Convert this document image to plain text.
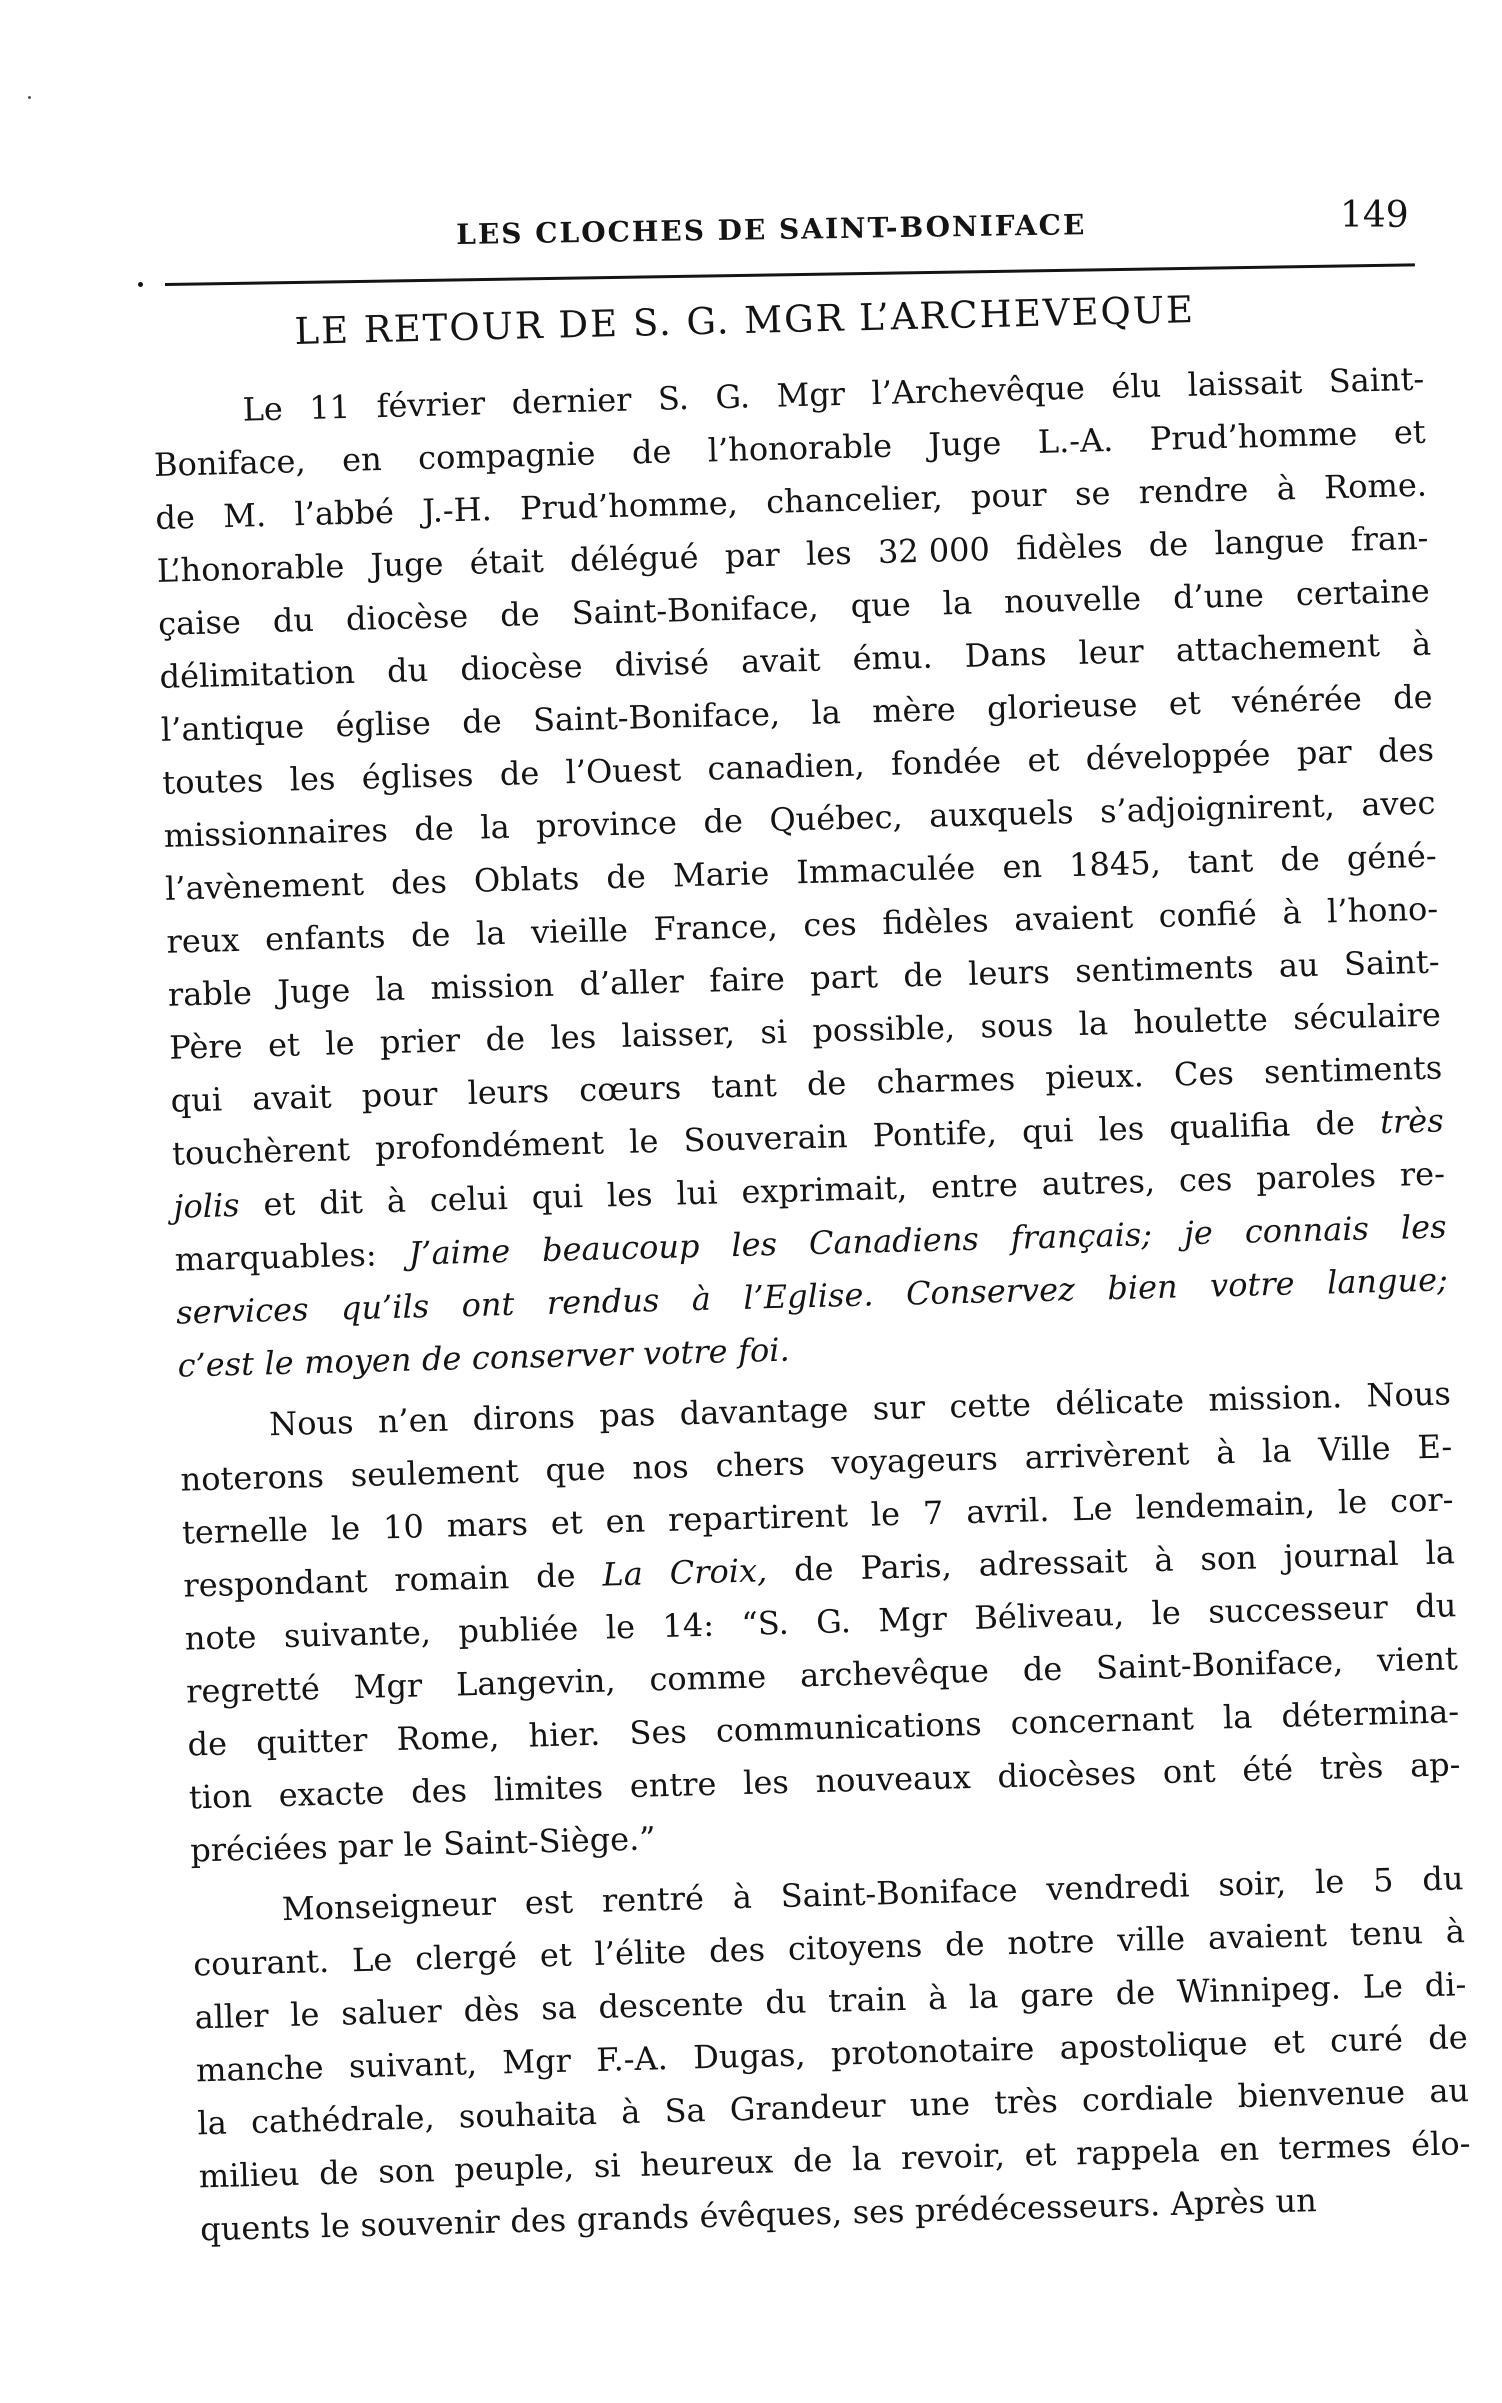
LES CLOCHES DE SAINT-BONIFACE	149
LE RETOUR DE S. G. MGR L’ARCHEVEQUE
Le 11 février dernier S. G. Mgr l’Archevêque élu laissait Saint-
Boniface, en compagnie de l’honorable Juge L.-A. Prud’homme et
de M. l’abbé J.-H. Prud’homme, chancelier, pour se rendre à Rome.
L’honorable Juge était délégué par les 32 000 fidèles de langue fran-
çaise du diocèse de Saint-Boniface, que la nouvelle d’une certaine
délimitation du diocèse divisé avait ému. Dans leur attachement à
l’antique église de Saint-Boniface, la mère glorieuse et vénérée de
toutes les églises de l’Ouest canadien, fondée et développée par des
missionnaires de la province de Québec, auxquels s’adjoignirent, avec
l’avènement des Oblats de Marie Immaculée en 1845, tant de géné-
reux enfants de la vieille France, ces fidèles avaient confié à l’hono-
rable Juge la mission d’aller faire part de leurs sentiments au Saint-
Père et le prier de les laisser, si possible, sous la houlette séculaire
qui avait pour leurs cœurs tant de charmes pieux. Ces sentiments
touchèrent profondément le Souverain Pontife, qui les qualifia de très
jolis et dit à celui qui les lui exprimait, entre autres, ces paroles re-
marquables: J’aime beaucoup les Canadiens français; je connais les
services qu’ils ont rendus à l’Eglise. Conservez bien votre langue;
c’est le moyen de conserver votre foi.
Nous n’en dirons pas davantage sur cette délicate mission. Nous
noterons seulement que nos chers voyageurs arrivèrent à la Ville E-
ternelle le 10 mars et en repartirent le 7 avril. Le lendemain, le cor-
respondant romain de La Croix, de Paris, adressait à son journal la
note suivante, publiée le 14: “S. G. Mgr Béliveau, le successeur du
regretté Mgr Langevin, comme archevêque de Saint-Boniface, vient
de quitter Rome, hier. Ses communications concernant la détermina-
tion exacte des limites entre les nouveaux diocèses ont été très ap-
préciées par le Saint-Siège.”
Monseigneur est rentré à Saint-Boniface vendredi soir, le 5 du
courant. Le clergé et l’élite des citoyens de notre ville avaient tenu à
aller le saluer dès sa descente du train à la gare de Winnipeg. Le di-
manche suivant, Mgr F.-A. Dugas, protonotaire apostolique et curé de
la cathédrale, souhaita à Sa Grandeur une très cordiale bienvenue au
milieu de son peuple, si heureux de la revoir, et rappela en termes élo-
quents le souvenir des grands évêques, ses prédécesseurs. Après un
